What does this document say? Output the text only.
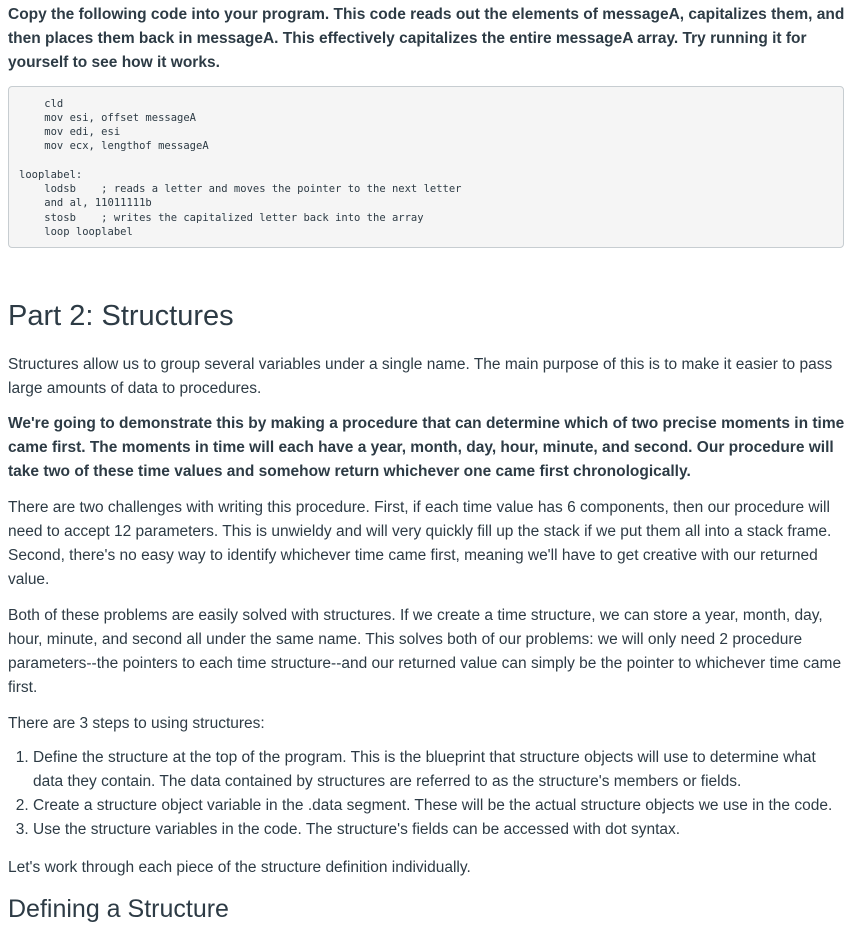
Copy the following code into your program. This code reads out the elements of messageA, capitalizes them, and then places them back in messageA. This effectively capitalizes the entire messageA array. Try running it for yourself to see how it works.

cld
mov esi, offset messageA
mov edi, esi
mov ecx, lengthof messageA
looplabel:
lodsb    ; reads a letter and moves the pointer to the next letter
and al, 11011111b
stosb    ; writes the capitalized letter back into the array
loop looplabel
Part 2: Structures

Structures allow us to group several variables under a single name. The main purpose of this is to make it easier to pass large amounts of data to procedures.

We're going to demonstrate this by making a procedure that can determine which of two precise moments in time came first. The moments in time will each have a year, month, day, hour, minute, and second. Our procedure will take two of these time values and somehow return whichever one came first chronologically.

There are two challenges with writing this procedure. First, if each time value has 6 components, then our procedure will need to accept 12 parameters. This is unwieldy and will very quickly fill up the stack if we put them all into a stack frame. Second, there's no easy way to identify whichever time came first, meaning we'll have to get creative with our returned value.

Both of these problems are easily solved with structures. If we create a time structure, we can store a year, month, day, hour, minute, and second all under the same name. This solves both of our problems: we will only need 2 procedure parameters--the pointers to each time structure--and our returned value can simply be the pointer to whichever time came first.

There are 3 steps to using structures:

1. Define the structure at the top of the program. This is the blueprint that structure objects will use to determine what data they contain. The data contained by structures are referred to as the structure's members or fields.
2. Create a structure object variable in the .data segment. These will be the actual structure objects we use in the code.
3. Use the structure variables in the code. The structure's fields can be accessed with dot syntax.

Let's work through each piece of the structure definition individually.

Defining a Structure
